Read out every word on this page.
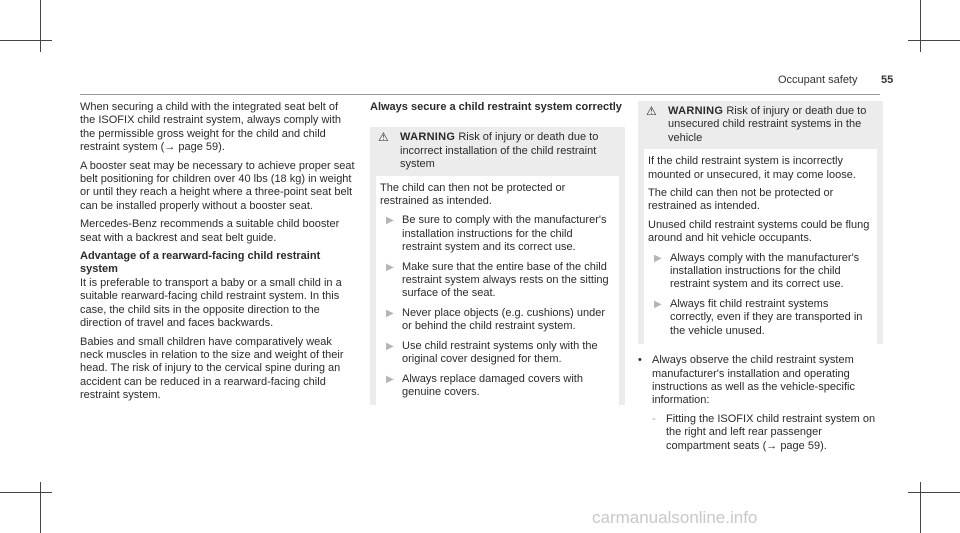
Occupant safety 55

When securing a child with the integrated seat belt of the ISOFIX child restraint system, always comply with the permissible gross weight for the child and child restraint system (→ page 59).

A booster seat may be necessary to achieve proper seat belt positioning for children over 40 lbs (18 kg) in weight or until they reach a height where a three-point seat belt can be installed properly without a booster seat.

Mercedes-Benz recommends a suitable child booster seat with a backrest and seat belt guide.

Advantage of a rearward-facing child restraint system

It is preferable to transport a baby or a small child in a suitable rearward-facing child restraint system. In this case, the child sits in the opposite direction to the direction of travel and faces backwards.

Babies and small children have comparatively weak neck muscles in relation to the size and weight of their head. The risk of injury to the cervical spine during an accident can be reduced in a rearward-facing child restraint system.

Always secure a child restraint system correctly
⚠	WARNING Risk of injury or death due to incorrect installation of the child restraint system

The child can then not be protected or restrained as intended.

▶ Be sure to comply with the manufacturer's installation instructions for the child restraint system and its correct use.
▶ Make sure that the entire base of the child restraint system always rests on the sitting surface of the seat.
▶ Never place objects (e.g. cushions) under or behind the child restraint system.
▶ Use child restraint systems only with the original cover designed for them.
▶ Always replace damaged covers with genuine covers.
⚠	WARNING Risk of injury or death due to unsecured child restraint systems in the vehicle

If the child restraint system is incorrectly mounted or unsecured, it may come loose.

The child can then not be protected or restrained as intended.

Unused child restraint systems could be flung around and hit vehicle occupants.

▶ Always comply with the manufacturer's installation instructions for the child restraint system and its correct use.
▶ Always fit child restraint systems correctly, even if they are transported in the vehicle unused.
• Always observe the child restraint system manufacturer's installation and operating instructions as well as the vehicle-specific information:
- Fitting the ISOFIX child restraint system on the right and left rear passenger compartment seats (→ page 59).
carmanualsonline.info
